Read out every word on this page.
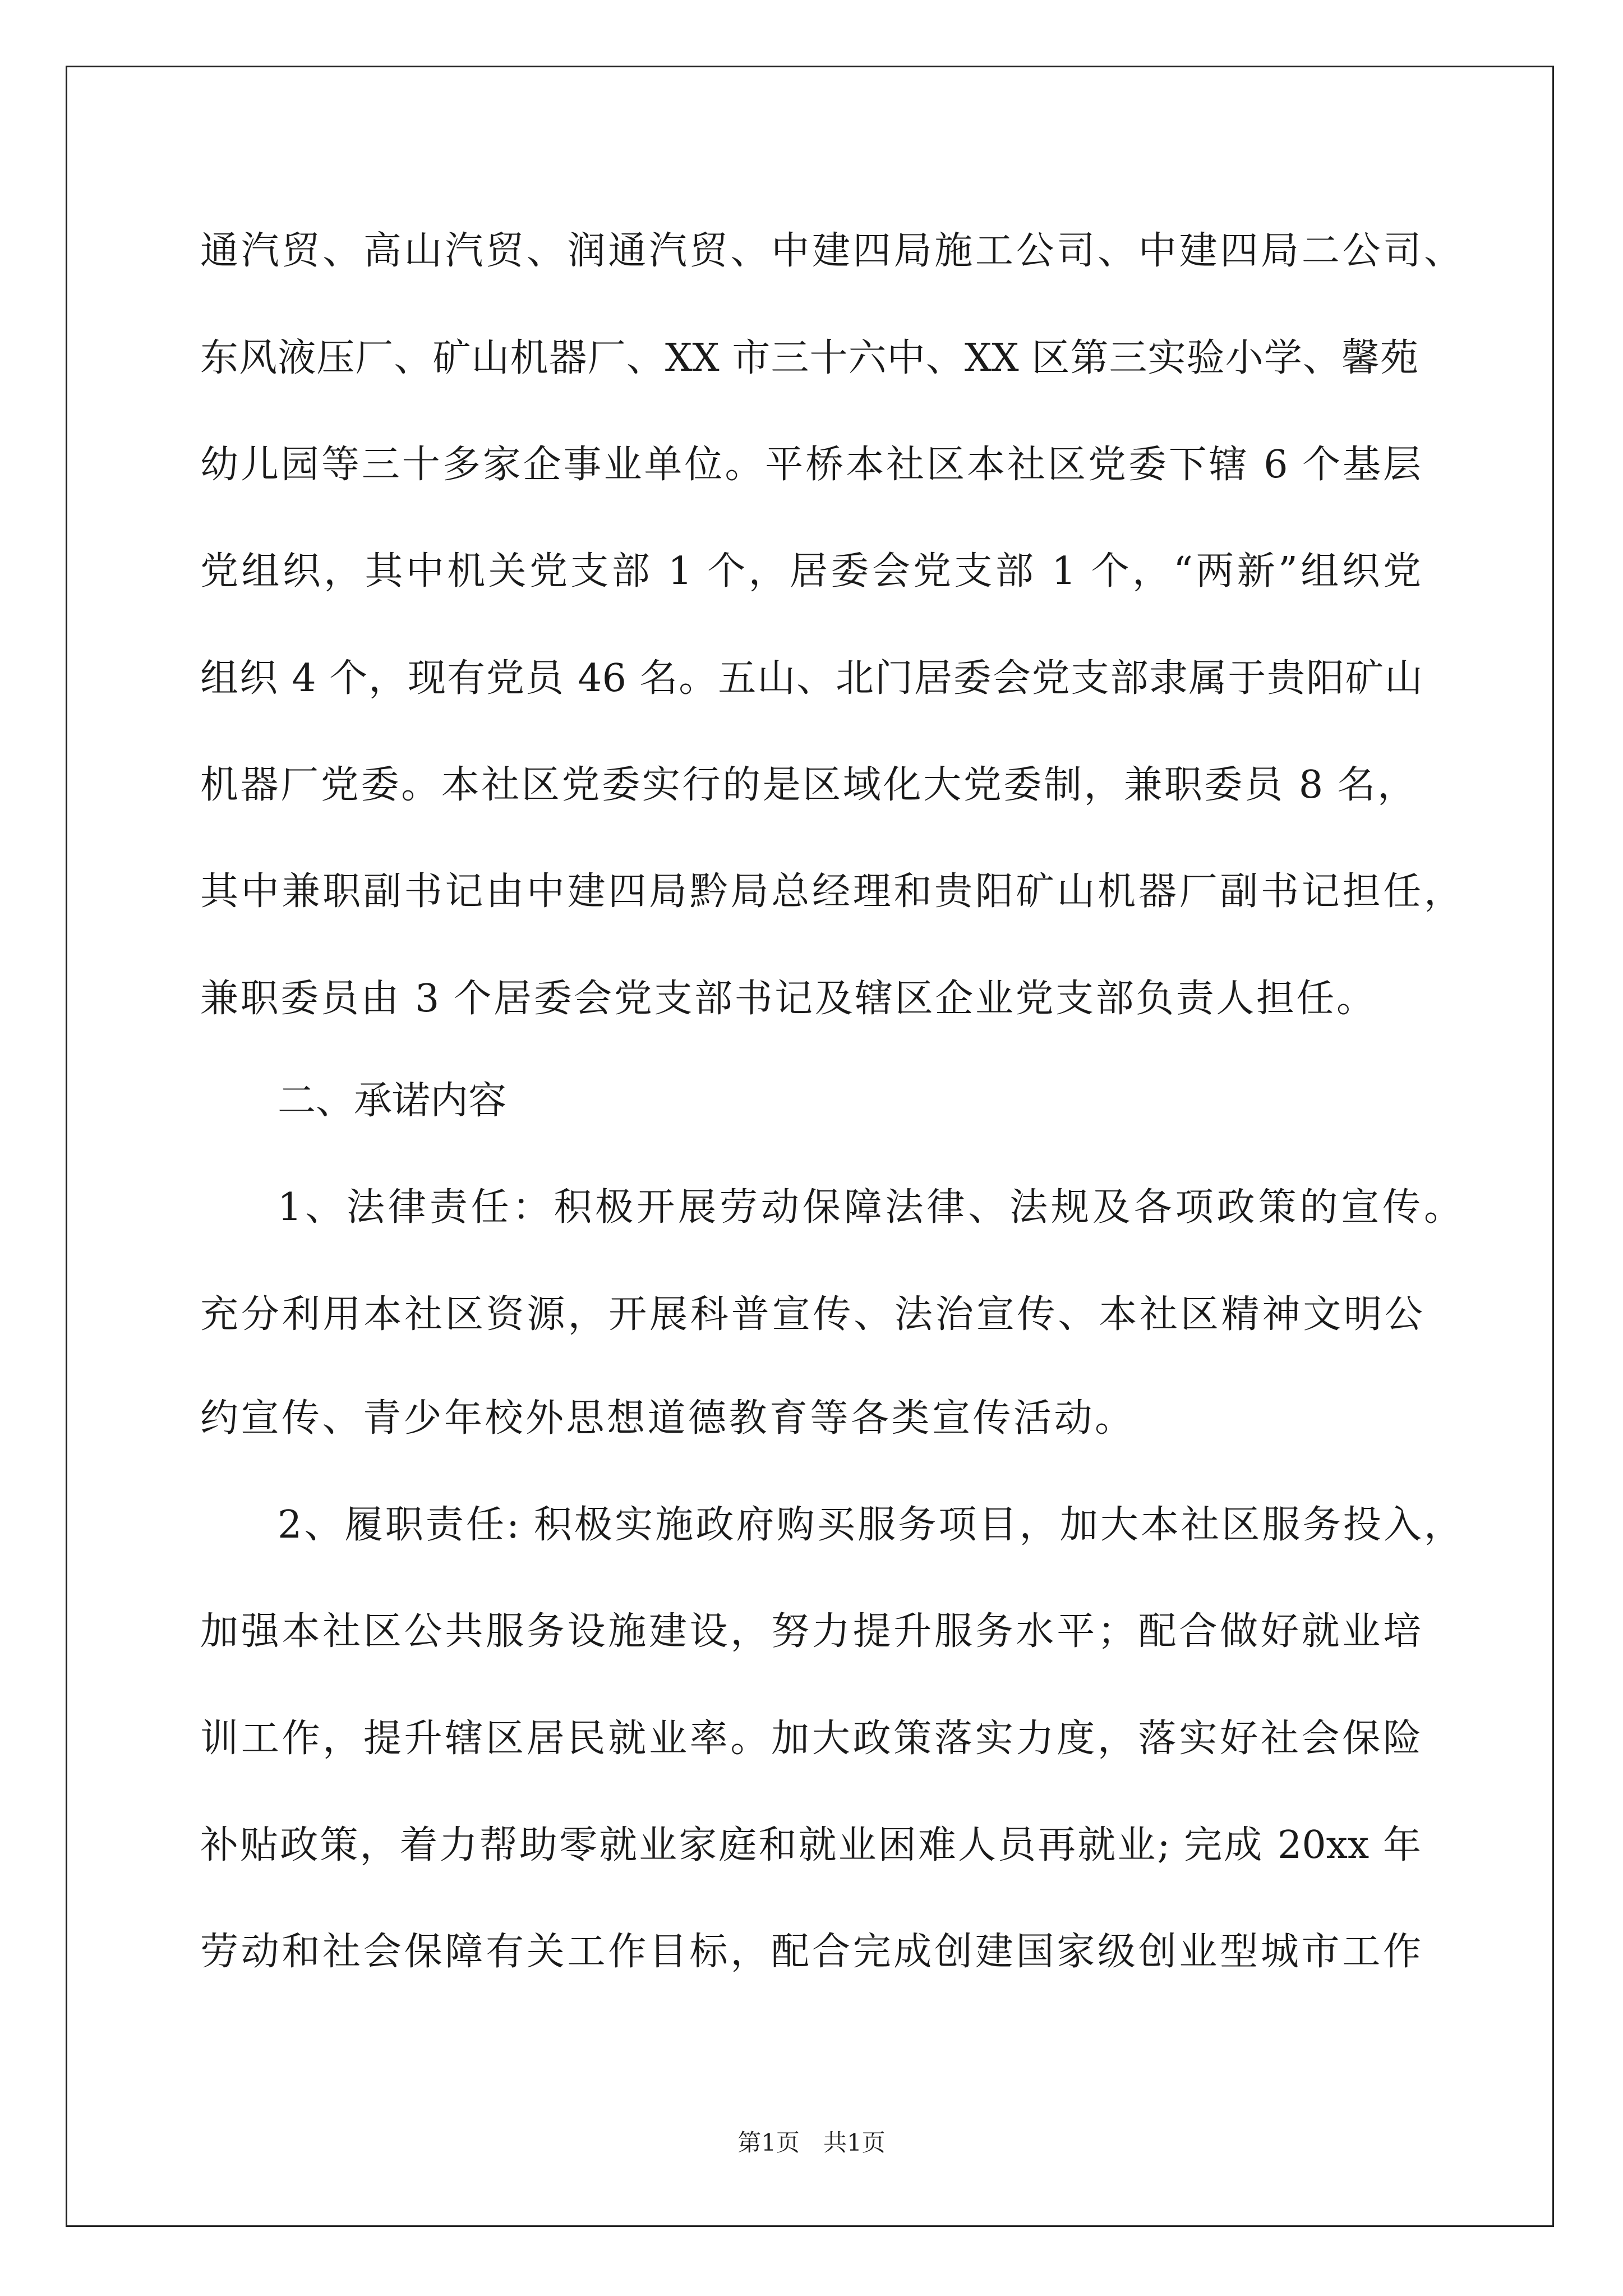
通汽贸、高山汽贸、润通汽贸、中建四局施工公司、中建四局二公司、
东风液压厂、矿山机器厂、XX 市三十六中、XX 区第三实验小学、馨苑
幼儿园等三十多家企事业单位。平桥本社区本社区党委下辖 6 个基层
党组织，其中机关党支部 1 个，居委会党支部 1 个，“两新”组织党
组织 4 个，现有党员 46 名。五山、北门居委会党支部隶属于贵阳矿山
机器厂党委。本社区党委实行的是区域化大党委制，兼职委员 8 名，
其中兼职副书记由中建四局黔局总经理和贵阳矿山机器厂副书记担任，
兼职委员由 3 个居委会党支部书记及辖区企业党支部负责人担任。
二、承诺内容
1、法律责任：积极开展劳动保障法律、法规及各项政策的宣传。
充分利用本社区资源，开展科普宣传、法治宣传、本社区精神文明公
约宣传、青少年校外思想道德教育等各类宣传活动。
2、履职责任: 积极实施政府购买服务项目，加大本社区服务投入，
加强本社区公共服务设施建设，努力提升服务水平；配合做好就业培
训工作，提升辖区居民就业率。加大政策落实力度，落实好社会保险
补贴政策，着力帮助零就业家庭和就业困难人员再就业; 完成 20xx 年
劳动和社会保障有关工作目标，配合完成创建国家级创业型城市工作
第1页　共1页
